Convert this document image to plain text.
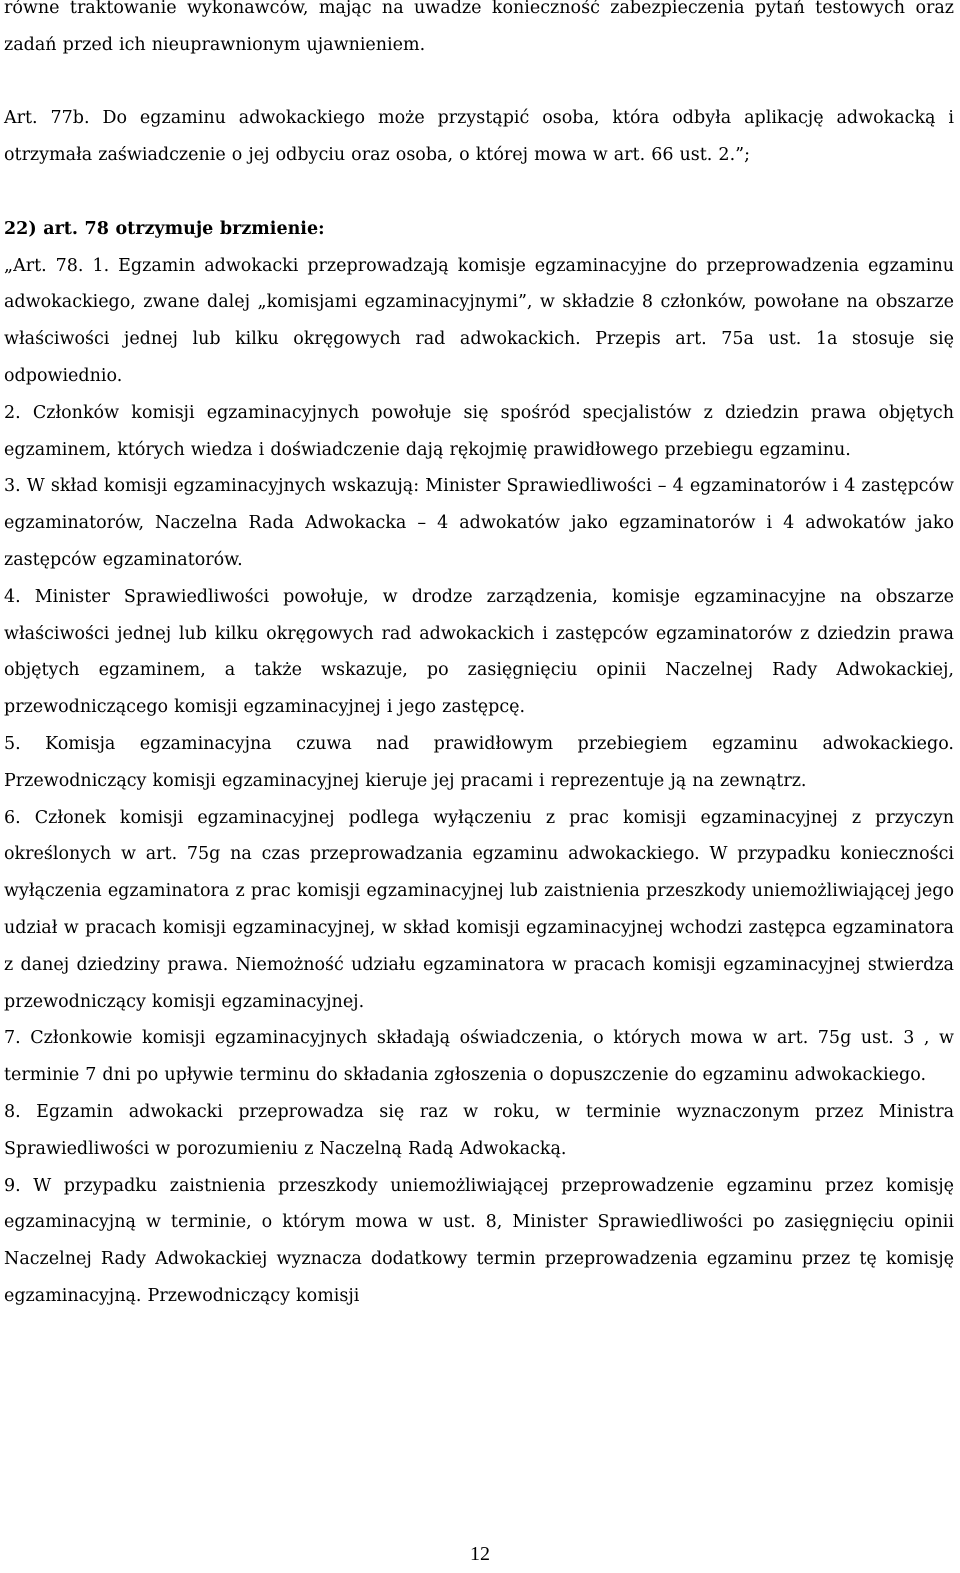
równe traktowanie wykonawców, mając na uwadze konieczność zabezpieczenia pytań testowych oraz zadań przed ich nieuprawnionym ujawnieniem.

Art. 77b. Do egzaminu adwokackiego może przystąpić osoba, która odbyła aplikację adwokacką i otrzymała zaświadczenie o jej odbyciu oraz osoba, o której mowa w art. 66 ust. 2.”;

22) art. 78 otrzymuje brzmienie:

„Art. 78. 1. Egzamin adwokacki przeprowadzają komisje egzaminacyjne do przeprowadzenia egzaminu adwokackiego, zwane dalej „komisjami egzaminacyjnymi”, w składzie 8 członków, powołane na obszarze właściwości jednej lub kilku okręgowych rad adwokackich. Przepis art. 75a ust. 1a stosuje się odpowiednio.

2. Członków komisji egzaminacyjnych powołuje się spośród specjalistów z dziedzin prawa objętych egzaminem, których wiedza i doświadczenie dają rękojmię prawidłowego przebiegu egzaminu.

3. W skład komisji egzaminacyjnych wskazują: Minister Sprawiedliwości – 4 egzaminatorów i 4 zastępców egzaminatorów, Naczelna Rada Adwokacka – 4 adwokatów jako egzaminatorów i 4 adwokatów jako zastępców egzaminatorów.

4. Minister Sprawiedliwości powołuje, w drodze zarządzenia, komisje egzaminacyjne na obszarze właściwości jednej lub kilku okręgowych rad adwokackich i zastępców egzaminatorów z dziedzin prawa objętych egzaminem, a także wskazuje, po zasięgnięciu opinii Naczelnej Rady Adwokackiej, przewodniczącego komisji egzaminacyjnej i jego zastępcę.

5. Komisja egzaminacyjna czuwa nad prawidłowym przebiegiem egzaminu adwokackiego. Przewodniczący komisji egzaminacyjnej kieruje jej pracami i reprezentuje ją na zewnątrz.

6. Członek komisji egzaminacyjnej podlega wyłączeniu z prac komisji egzaminacyjnej z przyczyn określonych w art. 75g na czas przeprowadzania egzaminu adwokackiego. W przypadku konieczności wyłączenia egzaminatora z prac komisji egzaminacyjnej lub zaistnienia przeszkody uniemożliwiającej jego udział w pracach komisji egzaminacyjnej, w skład komisji egzaminacyjnej wchodzi zastępca egzaminatora z danej dziedziny prawa. Niemożność udziału egzaminatora w pracach komisji egzaminacyjnej stwierdza przewodniczący komisji egzaminacyjnej.

7. Członkowie komisji egzaminacyjnych składają oświadczenia, o których mowa w art. 75g ust. 3 , w terminie 7 dni po upływie terminu do składania zgłoszenia o dopuszczenie do egzaminu adwokackiego.

8. Egzamin adwokacki przeprowadza się raz w roku, w terminie wyznaczonym przez Ministra Sprawiedliwości w porozumieniu z Naczelną Radą Adwokacką.

9. W przypadku zaistnienia przeszkody uniemożliwiającej przeprowadzenie egzaminu przez komisję egzaminacyjną w terminie, o którym mowa w ust. 8, Minister Sprawiedliwości po zasięgnięciu opinii Naczelnej Rady Adwokackiej wyznacza dodatkowy termin przeprowadzenia egzaminu przez tę komisję egzaminacyjną. Przewodniczący komisji

12
